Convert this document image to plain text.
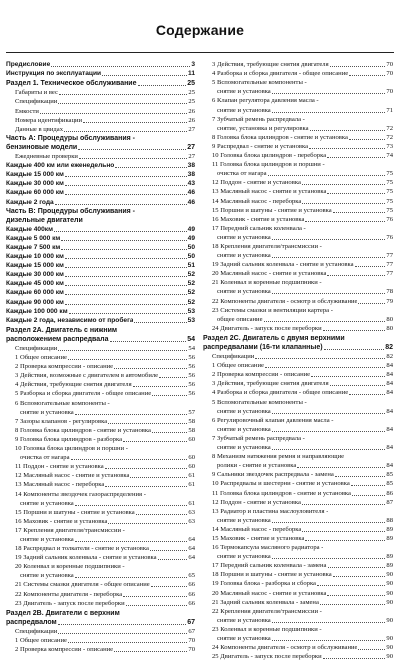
Содержание
Предисловие	3
Инструкция по эксплуатации	11
Раздел 1. Техническое обслуживание	25
Габариты и вес	25
Спецификации	25
Емкости	26
Номера идентификации	26
Данные в цвидах	27
Часть А: Процедуры обслуживания -
бензиновые модели	27
Ежедневные проверки	27
Каждые 400 км или еженедельно	38
Каждые 15 000 км	38
Каждые 30 000 км	43
Каждые 60 000 км	46
Каждые 2 года	46
Часть В: Процедуры обслуживания -
дизельные двигатели
Каждые 400км	49
Каждые 5 000 км	49
Каждые 7 500 км	50
Каждые 10 000 км	50
Каждые 15 000 км	51
Каждые 30 000 км	52
Каждые 45 000 км	52
Каждые 60 000 км	52
Каждые 90 000 км	52
Каждые 100 000 км	53
Каждые 2 года, независимо от пробега	53
Раздел 2А. Двигатель с нижним
расположением распредвала	54
Спецификации	54
1 Общее описание	56
2 Проверка компрессии - описание	56
3 Действия, возможные с двигателем в автомобиле	56
4 Действия, требующие снятия двигателя	56
5 Разборка и сборка двигателя - общее описание	56
6 Вспомогательные компоненты -
снятие и установка	57
7 Зазоры клапанов - регулировка	58
8 Головка блока цилиндров - снятие и установка	58
9 Головка блока цилиндров - разборка	60
10 Головка блока цилиндров и поршни -
очистка от нагара	60
11 Поддон - снятие и установка	60
12 Масляный насос - снятие и установка	61
13 Масляный насос - переборка	61
14 Компоненты звездочек газораспределения -
снятие и установка	61
15 Поршни и шатуны - снятие и установка	63
16 Маховик - снятие и установка	63
17 Крепления двигателя/трансмиссии -
снятие и установка	64
18 Распредвал и толкатели - снятие и установка	64
19 Задний сальник коленвала - снятие и установка	64
20 Коленвал и коренные подшипники -
снятие и установка	65
21 Системы смазки двигателя - общее описание	66
22 Компоненты двигателя - переборка	66
23 Двигатель - запуск после переборки	66
Раздел 2В. Двигатели с верхним
распредвалом	67
Спецификации	67
1 Общее описание	70
2 Проверка компрессии - описание	70
3 Действия, требующие снятия двигателя	70
4 Разборка и сборка двигателя - общее описание	70
5 Вспомогательные компоненты -
снятие и установка	70
6 Клапан регулятора давления масла -
снятие и установка	71
7 Зубчатый ремень распредвала -
снятие, установка и регулировка	72
8 Головка блока цилиндров - снятие и установка	72
9 Распредвал - снятие и установка	73
10 Головка блока цилиндров - переборка	74
11 Головка блока цилиндров и поршни -
очистка от нагара	75
12 Поддон - снятие и установка	75
13 Масляный насос - снятие и установка	75
14 Масляный насос - переборка	75
15 Поршни и шатуны - снятие и установка	75
16 Маховик - снятие и установка	76
17 Передний сальник коленвала -
снятие и установка	76
18 Крепления двигателя/трансмиссии -
снятие и установка	77
19 Задний сальник коленвала - снятие и установка	77
20 Масляный насос - снятие и установка	77
21 Коленвал и коренные подшипники -
снятие и установка	78
22 Компоненты двигателя - осмотр и обслуживание	79
23 Системы смазки и вентиляции картера -
общее описание	80
24 Двигатель - запуск после переборки	80
Раздел 2С. Двигатель с двумя верхними
распредвалами (16-ти клапанные)	82
Спецификации	82
1 Общее описание	84
2 Проверка компрессии - описание	84
3 Действия, требующие снятия двигателя	84
4 Разборка и сборка двигателя - общее описание	84
5 Вспомогательные компоненты -
снятие и установка	84
6 Регулировочный клапан давления масла -
снятие и установка	84
7 Зубчатый ремень распредвала -
снятие и установка	84
8 Механизм натяжения ремня и направляющие
ролики - снятие и установка	84
9 Сальники звездочек распредвала - замена	85
10 Распредвалы и шестерни - снятие и установка	85
11 Головка блока цилиндров - снятие и установка	86
12 Поддон - снятие и установка	87
13 Радиатор и пластина маслоуловителя -
снятие и установка	88
14 Масляный насос - переборка	89
15 Маховик - снятие и установка	89
16 Термокапсула масляного радиатора -
снятие и установка	89
17 Передний сальник коленвала - замена	89
18 Поршни и шатуны - снятие и установка	90
19 Головка блока - разборка и сборка	90
20 Масляный насос - снятие и установка	90
21 Задний сальник коленвала - замена	90
22 Крепления двигателя/трансмиссии -
снятие и установка	90
23 Коленвал и коренные подшипники -
снятие и установка	90
24 Компоненты двигателя - осмотр и обслуживание	90
25 Двигатель - запуск после переборки	90
